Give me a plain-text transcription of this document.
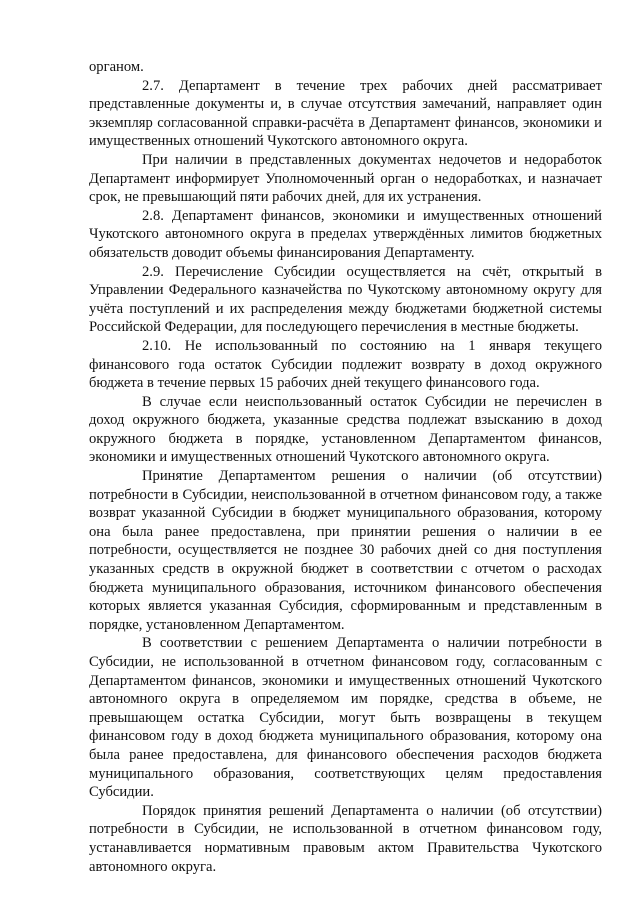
органом.

2.7. Департамент в течение трех рабочих дней рассматривает представленные документы и, в случае отсутствия замечаний, направляет один экземпляр согласованной справки-расчёта в Департамент финансов, экономики и имущественных отношений Чукотского автономного округа.

При наличии в представленных документах недочетов и недоработок Департамент информирует Уполномоченный орган о недоработках, и назначает срок, не превышающий пяти рабочих дней, для их устранения.

2.8. Департамент финансов, экономики и имущественных отношений Чукотского автономного округа в пределах утверждённых лимитов бюджетных обязательств доводит объемы финансирования Департаменту.

2.9. Перечисление Субсидии осуществляется на счёт, открытый в Управлении Федерального казначейства по Чукотскому автономному округу для учёта поступлений и их распределения между бюджетами бюджетной системы Российской Федерации, для последующего перечисления в местные бюджеты.

2.10. Не использованный по состоянию на 1 января текущего финансового года остаток Субсидии подлежит возврату в доход окружного бюджета в течение первых 15 рабочих дней текущего финансового года.

В случае если неиспользованный остаток Субсидии не перечислен в доход окружного бюджета, указанные средства подлежат взысканию в доход окружного бюджета в порядке, установленном Департаментом финансов, экономики и имущественных отношений Чукотского автономного округа.

Принятие Департаментом решения о наличии (об отсутствии) потребности в Субсидии, неиспользованной в отчетном финансовом году, а также возврат указанной Субсидии в бюджет муниципального образования, которому она была ранее предоставлена, при принятии решения о наличии в ее потребности, осуществляется не позднее 30 рабочих дней со дня поступления указанных средств в окружной бюджет в соответствии с отчетом о расходах бюджета муниципального образования, источником финансового обеспечения которых является указанная Субсидия, сформированным и представленным в порядке, установленном Департаментом.

В соответствии с решением Департамента о наличии потребности в Субсидии, не использованной в отчетном финансовом году, согласованным с Департаментом финансов, экономики и имущественных отношений Чукотского автономного округа в определяемом им порядке, средства в объеме, не превышающем остатка Субсидии, могут быть возвращены в текущем финансовом году в доход бюджета муниципального образования, которому она была ранее предоставлена, для финансового обеспечения расходов бюджета муниципального образования, соответствующих целям предоставления Субсидии.

Порядок принятия решений Департамента о наличии (об отсутствии) потребности в Субсидии, не использованной в отчетном финансовом году, устанавливается нормативным правовым актом Правительства Чукотского автономного округа.
